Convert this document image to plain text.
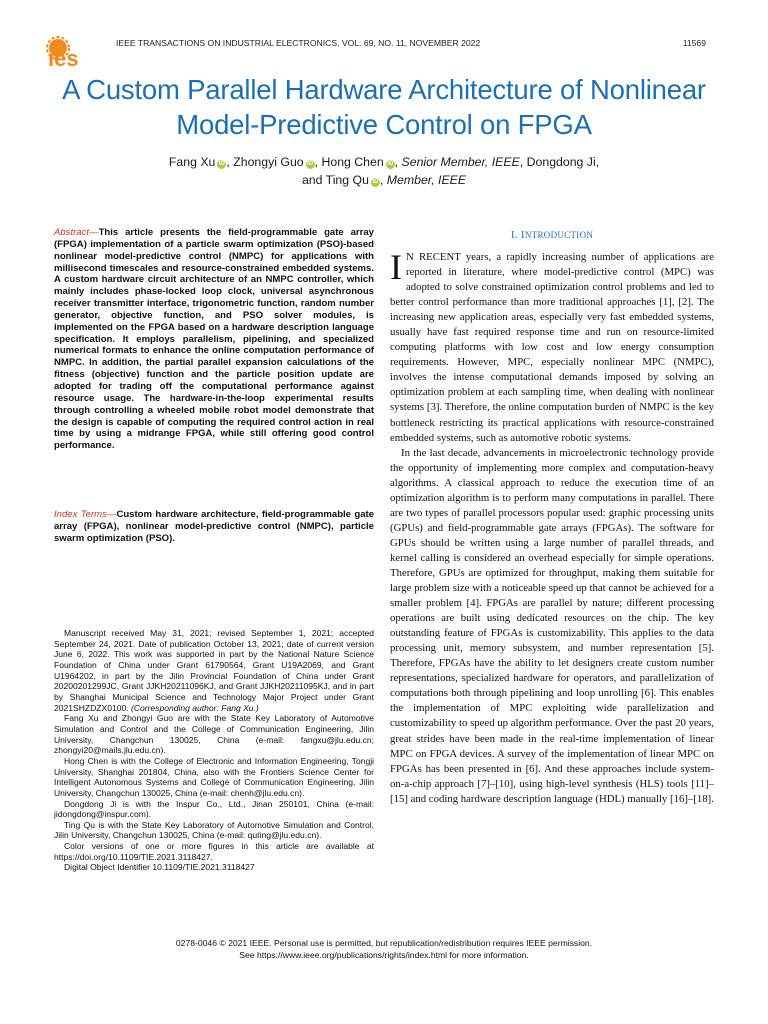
ies
IEEE TRANSACTIONS ON INDUSTRIAL ELECTRONICS, VOL. 69, NO. 11, NOVEMBER 2022	11569
A Custom Parallel Hardware Architecture of Nonlinear Model-Predictive Control on FPGA
Fang Xu iD , Zhongyi Guo iD , Hong Chen iD , Senior Member, IEEE, Dongdong Ji,
and Ting Qu iD , Member, IEEE
Abstract—This article presents the field-programmable gate array (FPGA) implementation of a particle swarm optimization (PSO)-based nonlinear model-predictive control (NMPC) for applications with millisecond timescales and resource-constrained embedded systems. A custom hardware circuit architecture of an NMPC controller, which mainly includes phase-locked loop clock, universal asynchronous receiver transmitter interface, trigonometric function, random number generator, objective function, and PSO solver modules, is implemented on the FPGA based on a hardware description language specification. It employs parallelism, pipelining, and specialized numerical formats to enhance the online computation performance of NMPC. In addition, the partial parallel expansion calculations of the fitness (objective) function and the particle position update are adopted for trading off the computational performance against resource usage. The hardware-in-the-loop experimental results through controlling a wheeled mobile robot model demonstrate that the design is capable of computing the required control action in real time by using a midrange FPGA, while still offering good control performance.
Index Terms—Custom hardware architecture, field-programmable gate array (FPGA), nonlinear model-predictive control (NMPC), particle swarm optimization (PSO).

Manuscript received May 31, 2021; revised September 1, 2021; accepted September 24, 2021. Date of publication October 13, 2021; date of current version June 6, 2022. This work was supported in part by the National Nature Science Foundation of China under Grant 61790564, Grant U19A2069, and Grant U1964202, in part by the Jilin Provincial Foundation of China under Grant 20200201299JC, Grant JJKH20211096KJ, and Grant JJKH20211095KJ, and in part by Shanghai Municipal Science and Technology Major Project under Grant 2021SHZDZX0100. (Corresponding author: Fang Xu.)

Fang Xu and Zhongyi Guo are with the State Key Laboratory of Automotive Simulation and Control and the College of Communication Engineering, Jilin University, Changchun 130025, China (e-mail: fangxu@jlu.edu.cn; zhongyi20@mails.jlu.edu.cn).

Hong Chen is with the College of Electronic and Information Engineering, Tongji University, Shanghai 201804, China, also with the Frontiers Science Center for Intelligent Autonomous Systems and College of Communication Engineering, Jilin University, Changchun 130025, China (e-mail: chenh@jlu.edu.cn).

Dongdong Ji is with the Inspur Co., Ltd., Jinan 250101, China (e-mail: jidongdong@inspur.com).

Ting Qu is with the State Key Laboratory of Automotive Simulation and Control, Jilin University, Changchun 130025, China (e-mail: quting@jlu.edu.cn).

Color versions of one or more figures in this article are available at https://doi.org/10.1109/TIE.2021.3118427.

Digital Object Identifier 10.1109/TIE.2021.3118427

I. INTRODUCTION

I N RECENT years, a rapidly increasing number of applications are reported in literature, where model-predictive control (MPC) was adopted to solve constrained optimization control problems and led to better control performance than more traditional approaches [1], [2]. The increasing new application areas, especially very fast embedded systems, usually have fast required response time and run on resource-limited computing platforms with low cost and low energy consumption requirements. However, MPC, especially nonlinear MPC (NMPC), involves the intense computational demands imposed by solving an optimization problem at each sampling time, when dealing with nonlinear systems [3]. Therefore, the online computation burden of NMPC is the key bottleneck restricting its practical applications with resource-constrained embedded systems, such as automotive robotic systems.

In the last decade, advancements in microelectronic technology provide the opportunity of implementing more complex and computation-heavy algorithms. A classical approach to reduce the execution time of an optimization algorithm is to perform many computations in parallel. There are two types of parallel processors popular used: graphic processing units (GPUs) and field-programmable gate arrays (FPGAs). The software for GPUs should be written using a large number of parallel threads, and kernel calling is considered an overhead especially for simple operations. Therefore, GPUs are optimized for throughput, making them suitable for large problem size with a noticeable speed up that cannot be achieved for a smaller problem [4]. FPGAs are parallel by nature; different processing operations are built using dedicated resources on the chip. The key outstanding feature of FPGAs is customizability. This applies to the data processing unit, memory subsystem, and number representation [5]. Therefore, FPGAs have the ability to let designers create custom number representations, specialized hardware for operators, and parallelization of computations both through pipelining and loop unrolling [6]. This enables the implementation of MPC exploiting wide parallelization and customizability to speed up algorithm performance. Over the past 20 years, great strides have been made in the real-time implementation of linear MPC on FPGA devices. A survey of the implementation of linear MPC on FPGAs has been presented in [6]. And these approaches include system-on-a-chip approach [7]–[10], using high-level synthesis (HLS) tools [11]–[15] and coding hardware description language (HDL) manually [16]–[18].

0278-0046 © 2021 IEEE. Personal use is permitted, but republication/redistribution requires IEEE permission.
See https://www.ieee.org/publications/rights/index.html for more information.
